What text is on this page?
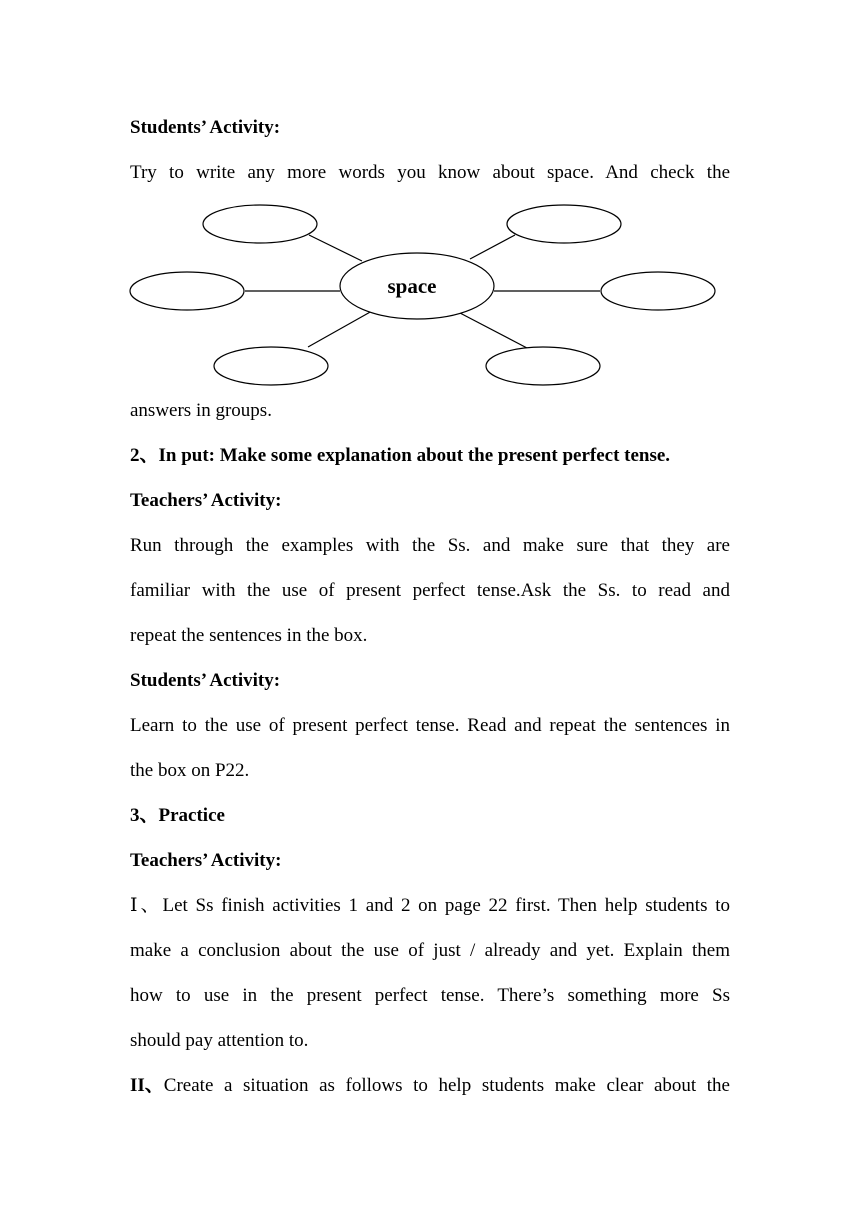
Students’ Activity:
Try to write any more words you know about space. And check the
space
answers in groups.
2、In put: Make some explanation about the present perfect tense.
Teachers’ Activity:
Run through the examples with the Ss. and make sure that they are
familiar with the use of present perfect tense.Ask the Ss. to read and
repeat the sentences in the box.
Students’ Activity:
Learn to the use of present perfect tense. Read and repeat the sentences in
the box on P22.
3、Practice
Teachers’ Activity:
Ⅰ、Let Ss finish activities 1 and 2 on page 22 first. Then help students to
make a conclusion about the use of just / already and yet. Explain them
how to use in the present perfect tense. There’s something more Ss
should pay attention to.
II、 Create a situation as follows to help students make clear about the
